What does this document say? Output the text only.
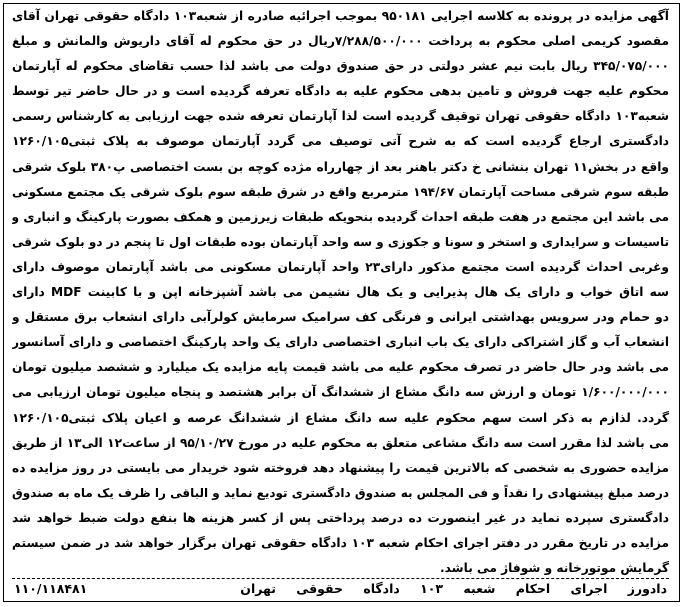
آگهی مزایده در پرونده به کلاسه اجرایی ۹۵۰۱۸۱ بموجب اجرائیه صادره از شعبه۱۰۳ دادگاه حقوقی تهران آقای
مقصود کریمی اصلی محکوم به پرداخت ۷/۲۸۸/۵۰۰/۰۰۰ریال در حق محکوم له آقای داریوش والمانش و مبلغ
۳۴۵/۰۷۵/۰۰۰ ریال بابت نیم عشر دولتی در حق صندوق دولت می باشد لذا حسب تقاضای محکوم له آپارتمان
محکوم علیه جهت فروش و تامین بدهی محکوم علیه به دادگاه تعرفه گردیده است و در حال حاضر تیر توسط
شعبه۱۰۳ دادگاه حقوقی تهران توقیف گردیده است لذا آپارتمان تعرفه شده جهت ارزیابی به کارشناس رسمی
دادگستری ارجاع گردیده است که به شرح آتی توصیف می گردد آپارتمان موصوف به پلاک ثبتی۱۲۶۰/۱۰۵
واقع در بخش۱۱ تهران بنشانی خ دکتر باهنر بعد از چهارراه مژده کوچه بن بست اختصاصی پ۳۸۰ بلوک شرقی
طبقه سوم شرقی مساحت آپارتمان ۱۹۴/۶۷ مترمربع واقع در شرق طبقه سوم بلوک شرقی یک مجتمع مسکونی
می باشد این مجتمع در هفت طبقه احداث گردیده بنحویکه طبقات زیرزمین و همکف بصورت پارکینگ و انباری و
تاسیسات و سرایداری و استخر و سونا و جکوزی و سه واحد آپارتمان بوده طبقات اول تا پنجم در دو بلوک شرقی
وغربی احداث گردیده است مجتمع مذکور دارای۲۳ واحد آپارتمان مسکونی می باشد آپارتمان موصوف دارای
سه اتاق خواب و دارای یک هال پذیرایی و یک هال نشیمن می باشد آشپزخانه اپن و با کابینت MDF دارای
دو حمام ودر سرویس بهداشتی ایرانی و فرنگی کف سرامیک سرمایش کولرآبی دارای انشعاب برق مستقل و
انشعاب آب و گاز اشتراکی دارای یک باب انباری اختصاصی دارای یک واحد پارکینگ اختصاصی و دارای آسانسور
می باشد ودر حال حاضر در تصرف محکوم علیه می باشد قیمت پایه مزایده یک میلیارد و ششصد میلیون تومان
۱/۶۰۰/۰۰۰/۰۰۰ تومان و ارزش سه دانگ مشاع از ششدانگ آن برابر هشتصد و پنجاه میلیون تومان ارزیابی می
گردد. لذازم به ذکر است سهم محکوم علیه سه دانگ مشاع از ششدانگ عرصه و اعیان پلاک ثبتی۱۲۶۰/۱۰۵
می باشد لذا مقرر است سه دانگ مشاعی متعلق به محکوم علیه در مورخ ۹۵/۱۰/۲۷ از ساعت۱۲ الی۱۳ از طریق
مزایده حضوری به شخصی که بالاترین قیمت را پیشنهاد دهد فروخته شود خریدار می بایستی در روز مزایده ده
درصد مبلغ پیشنهادی را نقداً و فی المجلس به صندوق دادگستری تودیع نماید و الباقی را ظرف یک ماه به صندوق
دادگستری سپرده نماید در غیر اینصورت ده درصد پرداختی پس از کسر هزینه ها بنفع دولت ضبط خواهد شد
مزایده در تاریخ مقرر در دفتر اجرای احکام شعبه ۱۰۳ دادگاه حقوقی تهران برگزار خواهد شد در ضمن سیستم
گرمایش موتورخانه و شوفاژ می باشد.
دادورز اجرای احکام شعبه ۱۰۳ دادگاه حقوقی تهران
۱۱۰/۱۱۸۴۸۱
